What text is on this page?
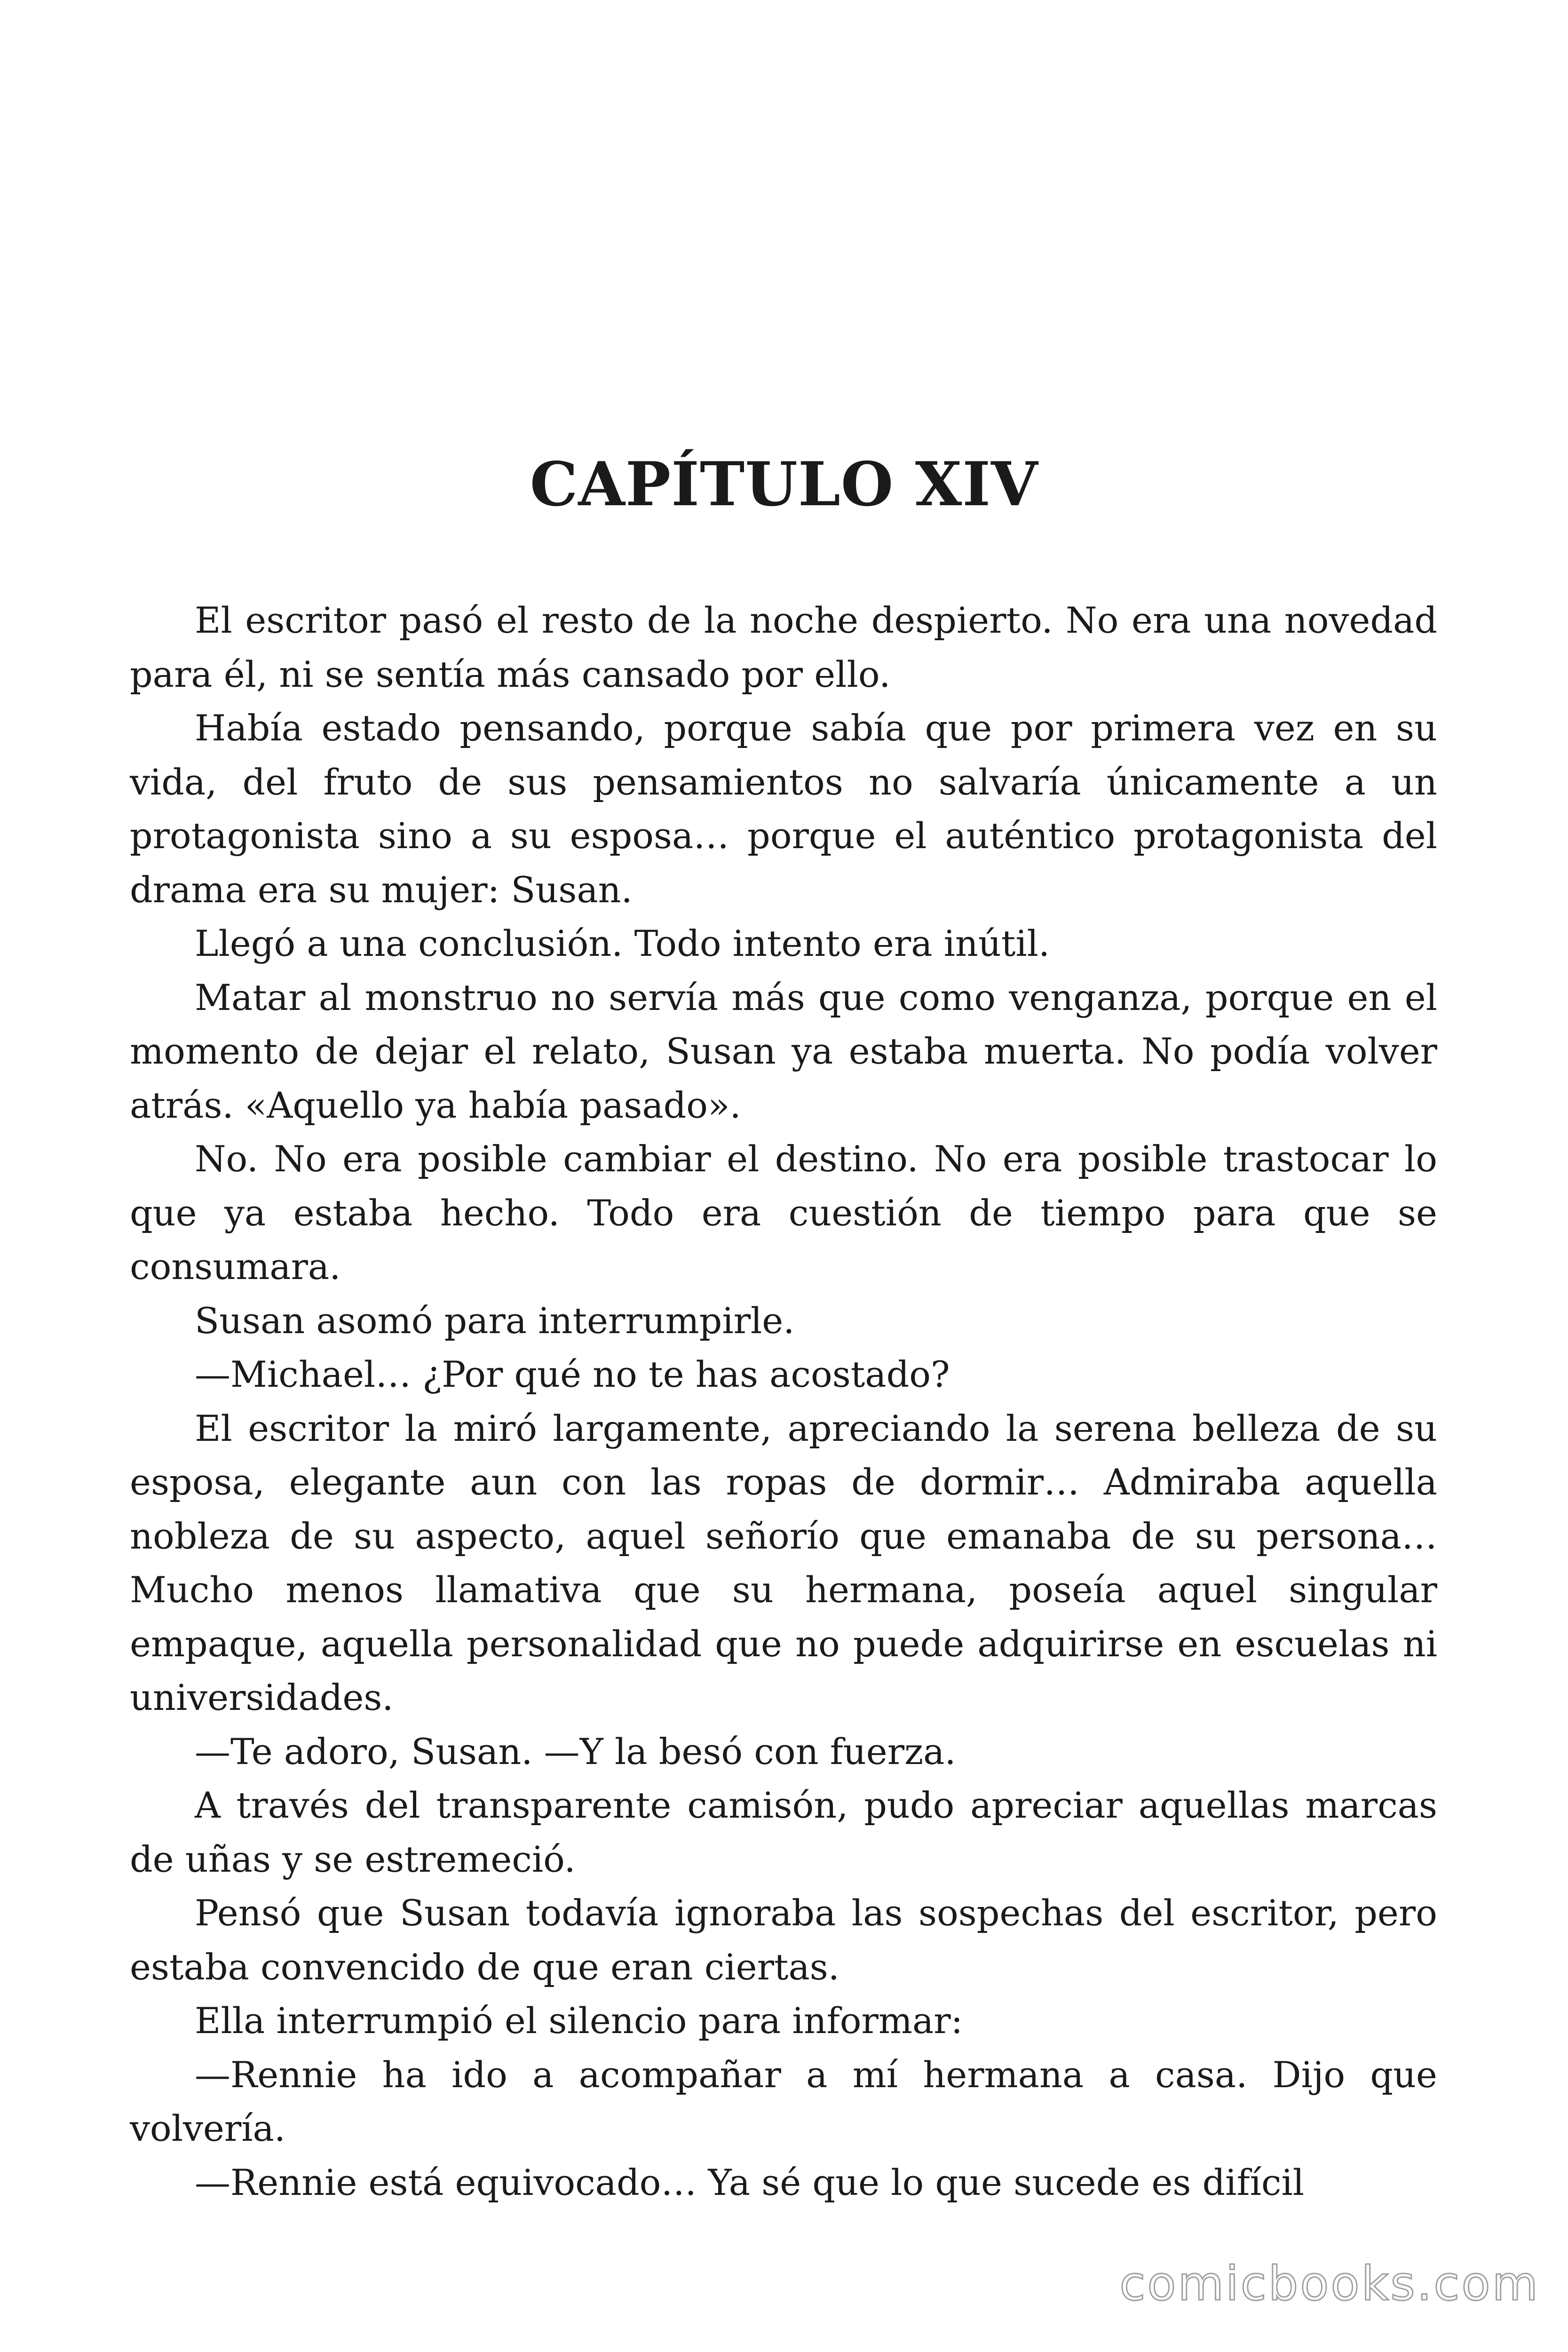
CAPÍTULO XIV

El escritor pasó el resto de la noche despierto. No era una novedad para él, ni se sentía más cansado por ello.

Había estado pensando, porque sabía que por primera vez en su vida, del fruto de sus pensamientos no salvaría únicamente a un protagonista sino a su esposa… porque el auténtico protagonista del drama era su mujer: Susan.

Llegó a una conclusión. Todo intento era inútil.

Matar al monstruo no servía más que como venganza, porque en el momento de dejar el relato, Susan ya estaba muerta. No podía volver atrás. «Aquello ya había pasado».

No. No era posible cambiar el destino. No era posible trastocar lo que ya estaba hecho. Todo era cuestión de tiempo para que se consumara.

Susan asomó para interrumpirle.

—Michael… ¿Por qué no te has acostado?

El escritor la miró largamente, apreciando la serena belleza de su esposa, elegante aun con las ropas de dormir… Admiraba aquella nobleza de su aspecto, aquel señorío que emanaba de su persona… Mucho menos llamativa que su hermana, poseía aquel singular empaque, aquella personalidad que no puede adquirirse en escuelas ni universidades.

—Te adoro, Susan. —Y la besó con fuerza.

A través del transparente camisón, pudo apreciar aquellas marcas de uñas y se estremeció.

Pensó que Susan todavía ignoraba las sospechas del escritor, pero estaba convencido de que eran ciertas.

Ella interrumpió el silencio para informar:

—Rennie ha ido a acompañar a mí hermana a casa. Dijo que volvería.

—Rennie está equivocado… Ya sé que lo que sucede es difícil

comicbooks.com
